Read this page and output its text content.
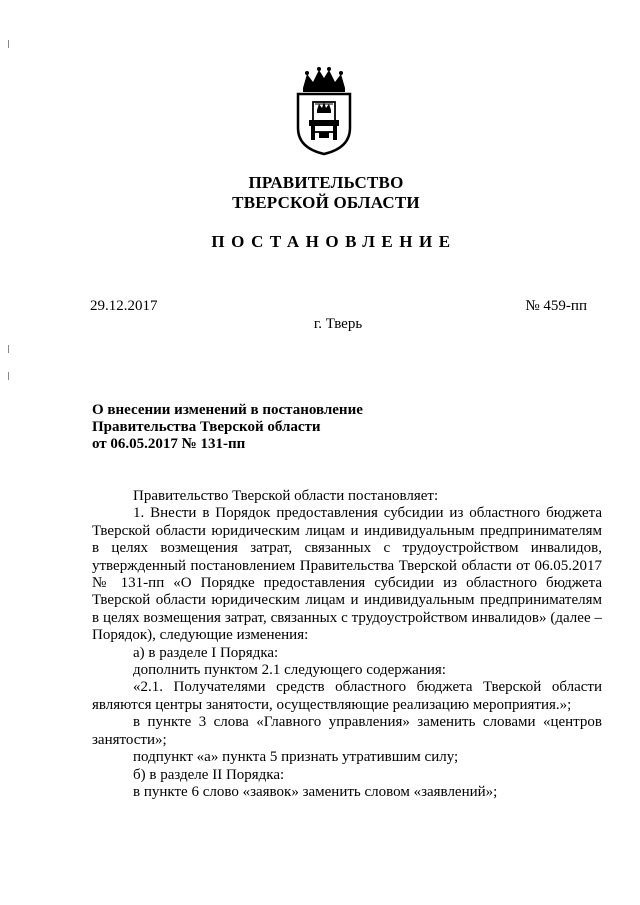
ПРАВИТЕЛЬСТВО
ТВЕРСКОЙ ОБЛАСТИ
ПОСТАНОВЛЕНИЕ
29.12.2017	№ 459-пп
г. Тверь
О внесении изменений в постановление
Правительства Тверской области
от 06.05.2017 № 131-пп

Правительство Тверской области постановляет:

1. Внести в Порядок предоставления субсидии из областного бюджета Тверской области юридическим лицам и индивидуальным предпринимателям в целях возмещения затрат, связанных с трудоустройством инвалидов, утвержденный постановлением Правительства Тверской области от 06.05.2017 № 131-пп «О Порядке предоставления субсидии из областного бюджета Тверской области юридическим лицам и индивидуальным предпринимателям в целях возмещения затрат, связанных с трудоустройством инвалидов» (далее – Порядок), следующие изменения:

а) в разделе I Порядка:

дополнить пунктом 2.1 следующего содержания:

«2.1. Получателями средств областного бюджета Тверской области являются центры занятости, осуществляющие реализацию мероприятия.»;

в пункте 3 слова «Главного управления» заменить словами «центров занятости»;

подпункт «а» пункта 5 признать утратившим силу;

б) в разделе II Порядка:

в пункте 6 слово «заявок» заменить словом «заявлений»;
